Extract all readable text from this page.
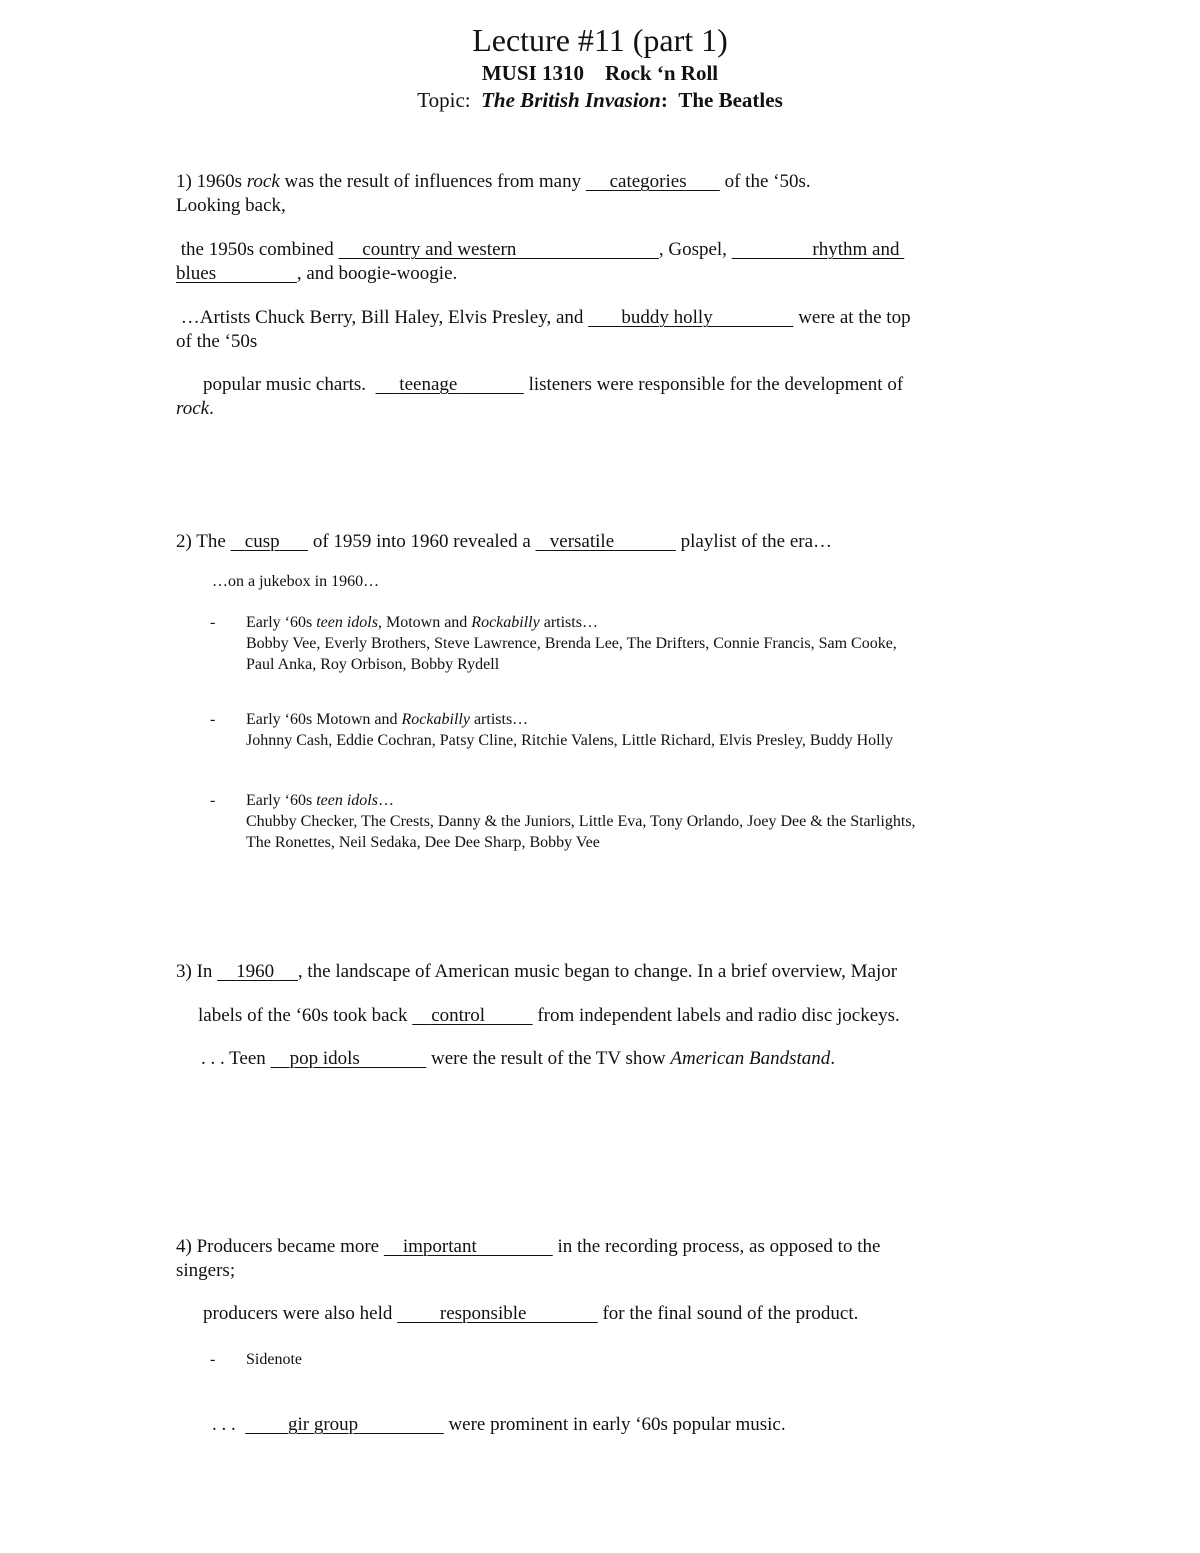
Lecture #11 (part 1)
MUSI 1310    Rock ‘n Roll
Topic: The British Invasion: The Beatles
1) 1960s rock was the result of influences from many      categories        of the ‘50s.
Looking back,
the 1950s combined      country and western	, Gospel,	rhythm and
blues	, and boogie-woogie.
…Artists Chuck Berry, Bill Haley, Elvis Presley, and        buddy holly	were at the top
of the ‘50s
popular music charts.       teenage	listeners were responsible for the development of
rock.
2) The    cusp       of 1959 into 1960 revealed a    versatile	playlist of the era…
…on a jukebox in 1960…
- Early ‘60s teen idols, Motown and Rockabilly artists…
Bobby Vee, Everly Brothers, Steve Lawrence, Brenda Lee, The Drifters, Connie Francis, Sam Cooke,
Paul Anka, Roy Orbison, Bobby Rydell
- Early ‘60s Motown and Rockabilly artists…
Johnny Cash, Eddie Cochran, Patsy Cline, Ritchie Valens, Little Richard, Elvis Presley, Buddy Holly
- Early ‘60s teen idols…
Chubby Checker, The Crests, Danny & the Juniors, Little Eva, Tony Orlando, Joey Dee & the Starlights,
The Ronettes, Neil Sedaka, Dee Dee Sharp, Bobby Vee
3) In     1960 , the landscape of American music began to change. In a brief overview, Major
labels of the ‘60s took back     control	from independent labels and radio disc jockeys.
. . . Teen     pop idols	were the result of the TV show American Bandstand.
4) Producers became more     important	in the recording process, as opposed to the
singers;
producers were also held          responsible	for the final sound of the product.
- Sidenote
. . .           gir group	were prominent in early ‘60s popular music.
